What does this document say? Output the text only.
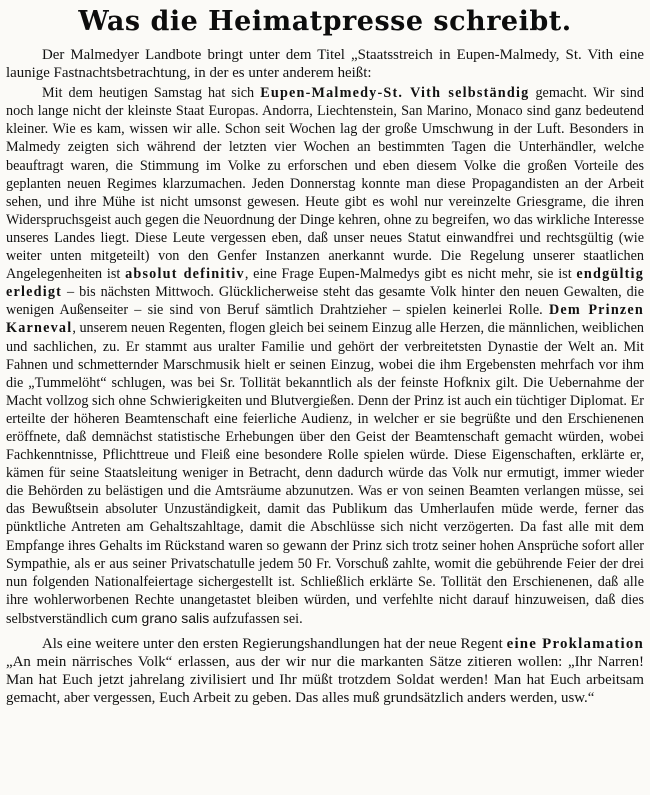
Was die Heimatpresse schreibt.

Der Malmedyer Landbote bringt unter dem Titel „Staatsstreich in Eupen-Malmedy, St. Vith eine launige Fastnachtsbetrachtung, in der es unter anderem heißt:

Mit dem heutigen Samstag hat sich Eupen-Malmedy-St. Vith selbständig gemacht. Wir sind noch lange nicht der kleinste Staat Europas. Andorra, Liechtenstein, San Marino, Monaco sind ganz bedeutend kleiner. Wie es kam, wissen wir alle. Schon seit Wochen lag der große Umschwung in der Luft. Besonders in Malmedy zeigten sich während der letzten vier Wochen an bestimmten Tagen die Unterhändler, welche beauftragt waren, die Stimmung im Volke zu erforschen und eben diesem Volke die großen Vorteile des geplanten neuen Regimes klarzumachen. Jeden Donnerstag konnte man diese Propagandisten an der Arbeit sehen, und ihre Mühe ist nicht umsonst gewesen. Heute gibt es wohl nur vereinzelte Griesgrame, die ihren Widerspruchsgeist auch gegen die Neuordnung der Dinge kehren, ohne zu begreifen, wo das wirkliche Interesse unseres Landes liegt. Diese Leute vergessen eben, daß unser neues Statut einwandfrei und rechtsgültig (wie weiter unten mitgeteilt) von den Genfer Instanzen anerkannt wurde. Die Regelung unserer staatlichen Angelegenheiten ist absolut definitiv, eine Frage Eupen-Malmedys gibt es nicht mehr, sie ist endgültig erledigt – bis nächsten Mittwoch. Glücklicherweise steht das gesamte Volk hinter den neuen Gewalten, die wenigen Außenseiter – sie sind von Beruf sämtlich Drahtzieher – spielen keinerlei Rolle. Dem Prinzen Karneval, unserem neuen Regenten, flogen gleich bei seinem Einzug alle Herzen, die männlichen, weiblichen und sachlichen, zu. Er stammt aus uralter Familie und gehört der verbreitetsten Dynastie der Welt an. Mit Fahnen und schmetternder Marschmusik hielt er seinen Einzug, wobei die ihm Ergebensten mehrfach vor ihm die „Tummelöht“ schlugen, was bei Sr. Tollität bekanntlich als der feinste Hofknix gilt. Die Uebernahme der Macht vollzog sich ohne Schwierigkeiten und Blutvergießen. Denn der Prinz ist auch ein tüchtiger Diplomat. Er erteilte der höheren Beamtenschaft eine feierliche Audienz, in welcher er sie begrüßte und den Erschienenen eröffnete, daß demnächst statistische Erhebungen über den Geist der Beamtenschaft gemacht würden, wobei Fachkenntnisse, Pflichttreue und Fleiß eine besondere Rolle spielen würde. Diese Eigenschaften, erklärte er, kämen für seine Staatsleitung weniger in Betracht, denn dadurch würde das Volk nur ermutigt, immer wieder die Behörden zu belästigen und die Amtsräume abzunutzen. Was er von seinen Beamten verlangen müsse, sei das Bewußtsein absoluter Unzuständigkeit, damit das Publikum das Umherlaufen müde werde, ferner das pünktliche Antreten am Gehaltszahltage, damit die Abschlüsse sich nicht verzögerten. Da fast alle mit dem Empfange ihres Gehalts im Rückstand waren so gewann der Prinz sich trotz seiner hohen Ansprüche sofort aller Sympathie, als er aus seiner Privatschatulle jedem 50 Fr. Vorschuß zahlte, womit die gebührende Feier der drei nun folgenden Nationalfeiertage sichergestellt ist. Schließlich erklärte Se. Tollität den Erschienenen, daß alle ihre wohlerworbenen Rechte unangetastet bleiben würden, und verfehlte nicht darauf hinzuweisen, daß dies selbstverständlich cum grano salis aufzufassen sei.

Als eine weitere unter den ersten Regierungshandlungen hat der neue Regent eine Proklamation „An mein närrisches Volk“ erlassen, aus der wir nur die markanten Sätze zitieren wollen: „Ihr Narren! Man hat Euch jetzt jahrelang zivilisiert und Ihr müßt trotzdem Soldat werden! Man hat Euch arbeitsam gemacht, aber vergessen, Euch Arbeit zu geben. Das alles muß grundsätzlich anders werden, usw.“
